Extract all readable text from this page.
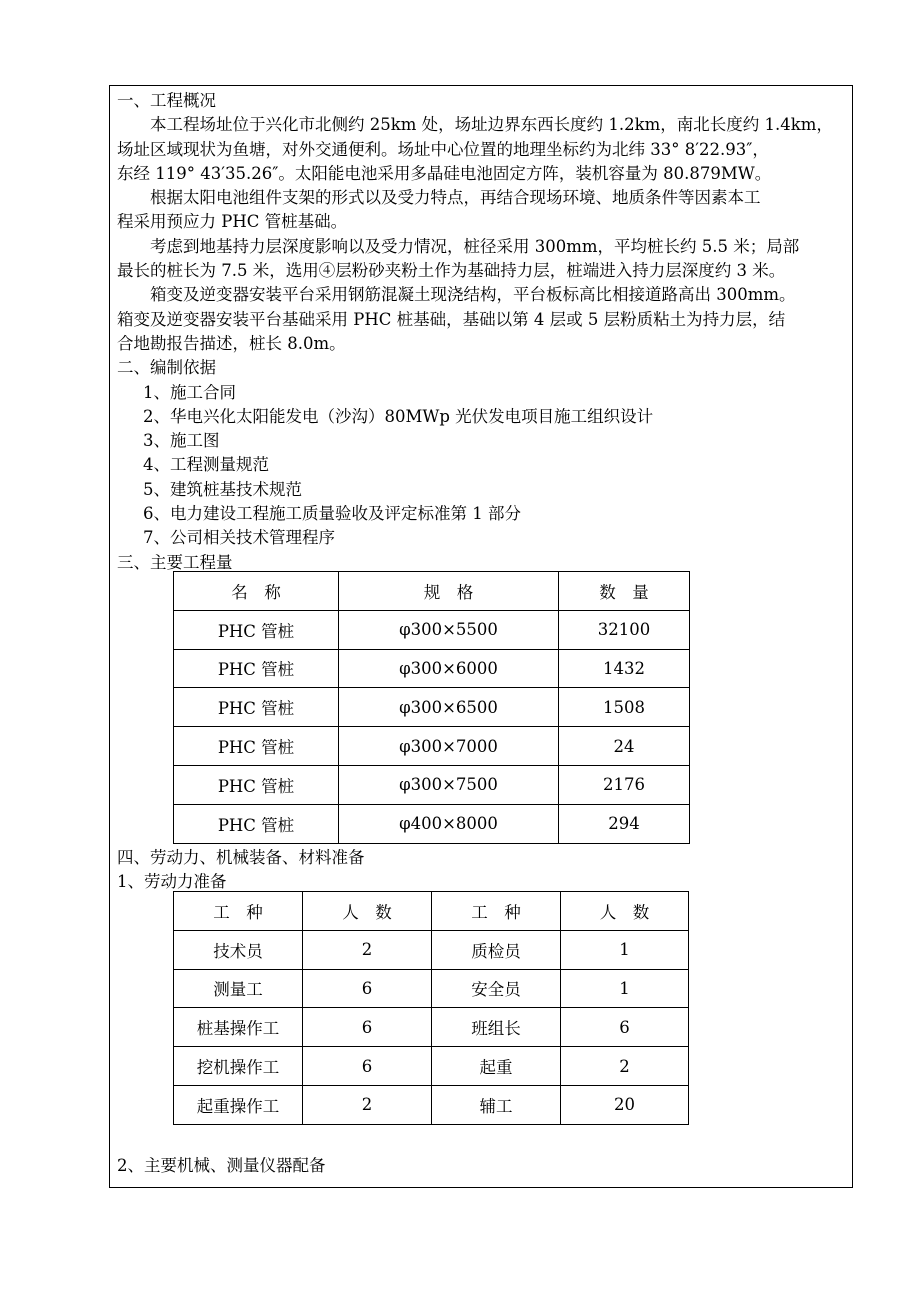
一、工程概况
本工程场址位于兴化市北侧约 25km 处，场址边界东西长度约 1.2km，南北长度约 1.4km，
场址区域现状为鱼塘，对外交通便利。场址中心位置的地理坐标约为北纬 33° 8′22.93″，
东经 119° 43′35.26″。太阳能电池采用多晶硅电池固定方阵，装机容量为 80.879MW。
根据太阳电池组件支架的形式以及受力特点，再结合现场环境、地质条件等因素本工
程采用预应力 PHC 管桩基础。
考虑到地基持力层深度影响以及受力情况，桩径采用 300mm，平均桩长约 5.5 米；局部
最长的桩长为 7.5 米，选用④层粉砂夹粉土作为基础持力层，桩端进入持力层深度约 3 米。
箱变及逆变器安装平台采用钢筋混凝土现浇结构，平台板标高比相接道路高出 300mm。
箱变及逆变器安装平台基础采用 PHC 桩基础，基础以第 4 层或 5 层粉质粘土为持力层，结
合地勘报告描述，桩长 8.0m。
二、编制依据
1、施工合同
2、华电兴化太阳能发电（沙沟）80MWp 光伏发电项目施工组织设计
3、施工图
4、工程测量规范
5、建筑桩基技术规范
6、电力建设工程施工质量验收及评定标准第 1 部分
7、公司相关技术管理程序
三、主要工程量
名　称	规　格	数　量
PHC 管桩	φ300×5500	32100
PHC 管桩	φ300×6000	1432
PHC 管桩	φ300×6500	1508
PHC 管桩	φ300×7000	24
PHC 管桩	φ300×7500	2176
PHC 管桩	φ400×8000	294
四、劳动力、机械装备、材料准备
1、劳动力准备
工　种	人　数	工　种	人　数
技术员	2	质检员	1
测量工	6	安全员	1
桩基操作工	6	班组长	6
挖机操作工	6	起重	2
起重操作工	2	辅工	20
2、主要机械、测量仪器配备
